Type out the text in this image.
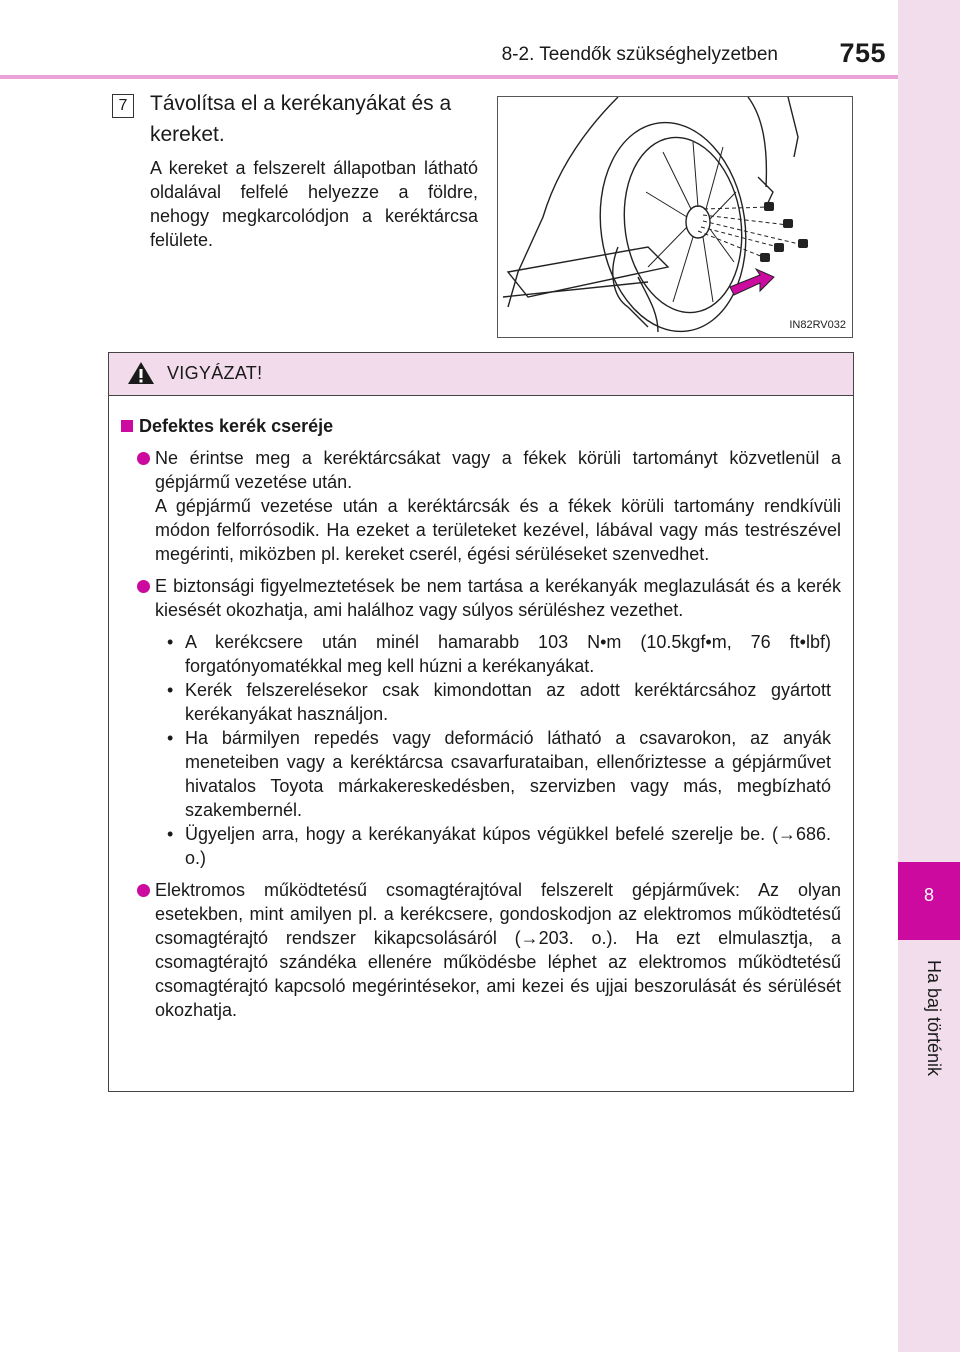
8-2. Teendők szükséghelyzetben	755
8
Ha baj történik
7	Távolítsa el a kerékanyákat és a kereket.
A kereket a felszerelt állapotban látható oldalával felfelé helyezze a földre, nehogy megkarcolódjon a keréktárcsa felülete.
IN82RV032
VIGYÁZAT!
Defektes kerék cseréje

Ne érintse meg a keréktárcsákat vagy a fékek körüli tartományt közvetlenül a gépjármű vezetése után.

A gépjármű vezetése után a keréktárcsák és a fékek körüli tartomány rendkívüli módon felforrósodik. Ha ezeket a területeket kezével, lábával vagy más testrészével megérinti, miközben pl. kereket cserél, égési sérüléseket szenvedhet.

E biztonsági figyelmeztetések be nem tartása a kerékanyák meglazulását és a kerék kiesését okozhatja, ami halálhoz vagy súlyos sérüléshez vezethet.

• A kerékcsere után minél hamarabb 103 N•m (10.5kgf•m, 76 ft•lbf) forgatónyomatékkal meg kell húzni a kerékanyákat.
• Kerék felszerelésekor csak kimondottan az adott keréktárcsához gyártott kerékanyákat használjon.
• Ha bármilyen repedés vagy deformáció látható a csavarokon, az anyák meneteiben vagy a keréktárcsa csavarfurataiban, ellenőriztesse a gépjárművet hivatalos Toyota márkakereskedésben, szervizben vagy más, megbízható szakembernél.
• Ügyeljen arra, hogy a kerékanyákat kúpos végükkel befelé szerelje be. (→686. o.)

Elektromos működtetésű csomagtérajtóval felszerelt gépjárművek: Az olyan esetekben, mint amilyen pl. a kerékcsere, gondoskodjon az elektromos működtetésű csomagtérajtó rendszer kikapcsolásáról (→203. o.). Ha ezt elmulasztja, a csomagtérajtó szándéka ellenére működésbe léphet az elektromos működtetésű csomagtérajtó kapcsoló megérintésekor, ami kezei és ujjai beszorulását és sérülését okozhatja.
